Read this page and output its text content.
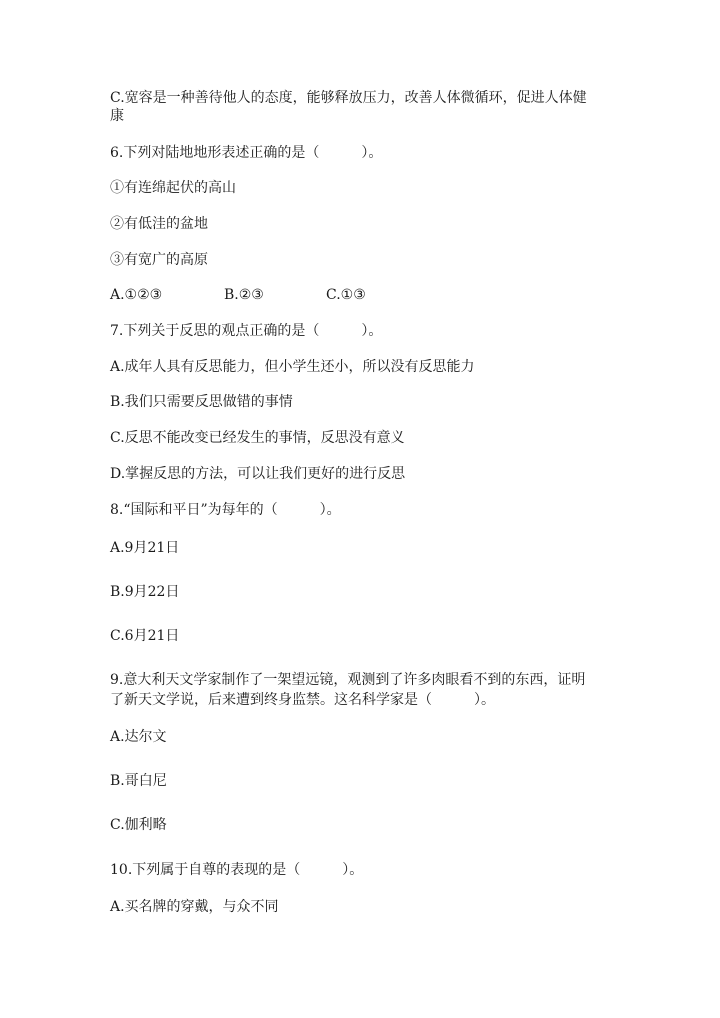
C.宽容是一种善待他人的态度，能够释放压力，改善人体微循环，促进人体健
康
6.下列对陆地地形表述正确的是（　　　）。
①有连绵起伏的高山
②有低洼的盆地
③有宽广的高原
A.①②③	B.②③	C.①③
7.下列关于反思的观点正确的是（　　　）。
A.成年人具有反思能力，但小学生还小，所以没有反思能力
B.我们只需要反思做错的事情
C.反思不能改变已经发生的事情，反思没有意义
D.掌握反思的方法，可以让我们更好的进行反思
8.“国际和平日”为每年的（　　　）。
A.9月21日
B.9月22日
C.6月21日
9.意大利天文学家制作了一架望远镜，观测到了许多肉眼看不到的东西，证明
了新天文学说，后来遭到终身监禁。这名科学家是（　　　）。
A.达尔文
B.哥白尼
C.伽利略
10.下列属于自尊的表现的是（　　　）。
A.买名牌的穿戴，与众不同
